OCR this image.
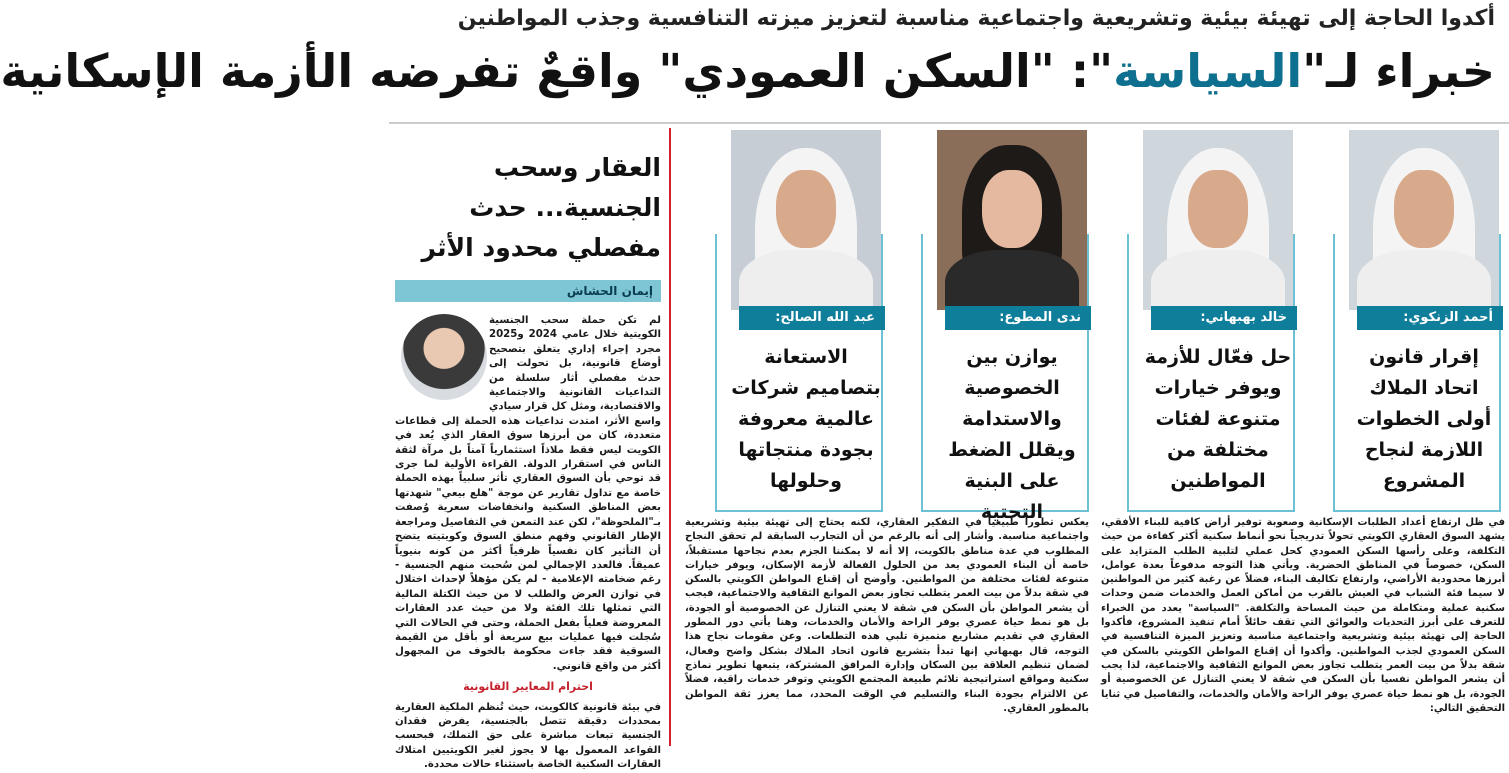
أكدوا الحاجة إلى تهيئة بيئية وتشريعية واجتماعية مناسبة لتعزيز ميزته التنافسية وجذب المواطنين
خبراء لـ"السياسة": "السكن العمودي" واقعٌ تفرضه الأزمة الإسكانية
أحمد الزنكوي:
إقرار قانون اتحاد الملاك أولى الخطوات اللازمة لنجاح المشروع
خالد بهبهاني:
حل فعّال للأزمة ويوفر خيارات متنوعة لفئات مختلفة من المواطنين
ندى المطوع:
يوازن بين الخصوصية والاستدامة ويقلل الضغط على البنية التحتية
عبد الله الصالح:
الاستعانة بتصاميم شركات عالمية معروفة بجودة منتجاتها وحلولها

في ظل ارتفاع أعداد الطلبات الإسكانية وصعوبة توفير أراض كافية للبناء الأفقي، يشهد السوق العقاري الكويتي تحولاً تدريجياً نحو أنماط سكنية أكثر كفاءة من حيث التكلفة، وعلى رأسها السكن العمودي كحل عملي لتلبية الطلب المتزايد على السكن، خصوصاً في المناطق الحضرية. ويأتي هذا التوجه مدفوعاً بعدة عوامل، أبرزها محدودية الأراضي، وارتفاع تكاليف البناء، فضلاً عن رغبة كثير من المواطنين لا سيما فئة الشباب في العيش بالقرب من أماكن العمل والخدمات ضمن وحدات سكنية عملية ومتكاملة من حيث المساحة والتكلفة. "السياسة" يعدد من الخبراء للتعرف على أبرز التحديات والعوائق التي تقف حائلاً أمام تنفيذ المشروع، فأكدوا الحاجة إلى تهيئة بيئية وتشريعية واجتماعية مناسبة وتعزيز الميزة التنافسية في السكن العمودي لجذب المواطنين. وأكدوا أن إقناع المواطن الكويتي بالسكن في شقة بدلاً من بيت العمر يتطلب تجاوز بعض الموانع الثقافية والاجتماعية، لذا يجب أن يشعر المواطن نفسيا بأن السكن في شقة لا يعني التنازل عن الخصوصية أو الجودة، بل هو نمط حياة عصري يوفر الراحة والأمان والخدمات، والتفاصيل في ثنايا التحقيق التالي:

يعكس تطوراً طبيعياً في التفكير العقاري، لكنه يحتاج إلى تهيئة بيئية وتشريعية واجتماعية مناسبة. وأشار إلى أنه بالرغم من أن التجارب السابقة لم تحقق النجاح المطلوب في عدة مناطق بالكويت، إلا أنه لا يمكننا الجزم بعدم نجاحها مستقبلاً، خاصة أن البناء العمودي يعد من الحلول الفعالة لأزمة الإسكان، ويوفر خيارات متنوعة لفئات مختلفة من المواطنين. وأوضح أن إقناع المواطن الكويتي بالسكن في شقة بدلاً من بيت العمر يتطلب تجاوز بعض الموانع الثقافية والاجتماعية، فيجب أن يشعر المواطن بأن السكن في شقة لا يعني التنازل عن الخصوصية أو الجودة، بل هو نمط حياة عصري يوفر الراحة والأمان والخدمات، وهنا يأتي دور المطور العقاري في تقديم مشاريع متميزة تلبي هذه التطلعات. وعن مقومات نجاح هذا التوجه، قال بهبهاني إنها تبدأ بتشريع قانون اتحاد الملاك بشكل واضح وفعال، لضمان تنظيم العلاقة بين السكان وإدارة المرافق المشتركة، يتبعها تطوير نماذج سكنية ومواقع استراتيجية تلائم طبيعة المجتمع الكويتي وتوفر خدمات راقية، فضلاً عن الالتزام بجودة البناء والتسليم في الوقت المحدد، مما يعزز ثقة المواطن بالمطور العقاري.

العقار وسحب الجنسية... حدث مفصلي محدود الأثر
إيمان الحشاش

لم تكن حملة سحب الجنسية الكويتية خلال عامي 2024 و2025 مجرد إجراء إداري يتعلق بتصحيح أوضاع قانونية، بل تحولت إلى حدث مفصلي أثار سلسلة من التداعيات القانونية والاجتماعية والاقتصادية، ومثل كل قرار سيادي واسع الأثر، امتدت تداعيات هذه الحملة إلى قطاعات متعددة، كان من أبرزها سوق العقار الذي يُعد في الكويت ليس فقط ملاذاً استثمارياً آمناً بل مرآة لثقة الناس في استقرار الدولة. القراءة الأولية لما جرى قد توحي بأن السوق العقاري تأثر سلبياً بهذه الحملة خاصة مع تداول تقارير عن موجة "هلع بيعي" شهدتها بعض المناطق السكنية وانخفاضات سعرية وُصفت بـ"الملحوظة"، لكن عند التمعن في التفاصيل ومراجعة الإطار القانوني وفهم منطق السوق وكويتيته يتضح أن التأثير كان نفسياً ظرفياً أكثر من كونه بنيوياً عميقاً. فالعدد الإجمالي لمن سُحبت منهم الجنسية - رغم ضخامته الإعلامية - لم يكن مؤهلاً لإحداث اختلال في توازن العرض والطلب لا من حيث الكتلة المالية التي تمثلها تلك الفئة ولا من حيث عدد العقارات المعروضة فعلياً بفعل الحملة، وحتى في الحالات التي سُجلت فيها عمليات بيع سريعة أو بأقل من القيمة السوقية فقد جاءت محكومة بالخوف من المجهول أكثر من واقع قانوني.

احترام المعايير القانونية

في بيئة قانونية كالكويت، حيث تُنظم الملكية العقارية بمحددات دقيقة تتصل بالجنسية، يفرض فقدان الجنسية تبعات مباشرة على حق التملك، فبحسب القواعد المعمول بها لا يجوز لغير الكويتيين امتلاك العقارات السكنية الخاصة باستثناء حالات محددة.
